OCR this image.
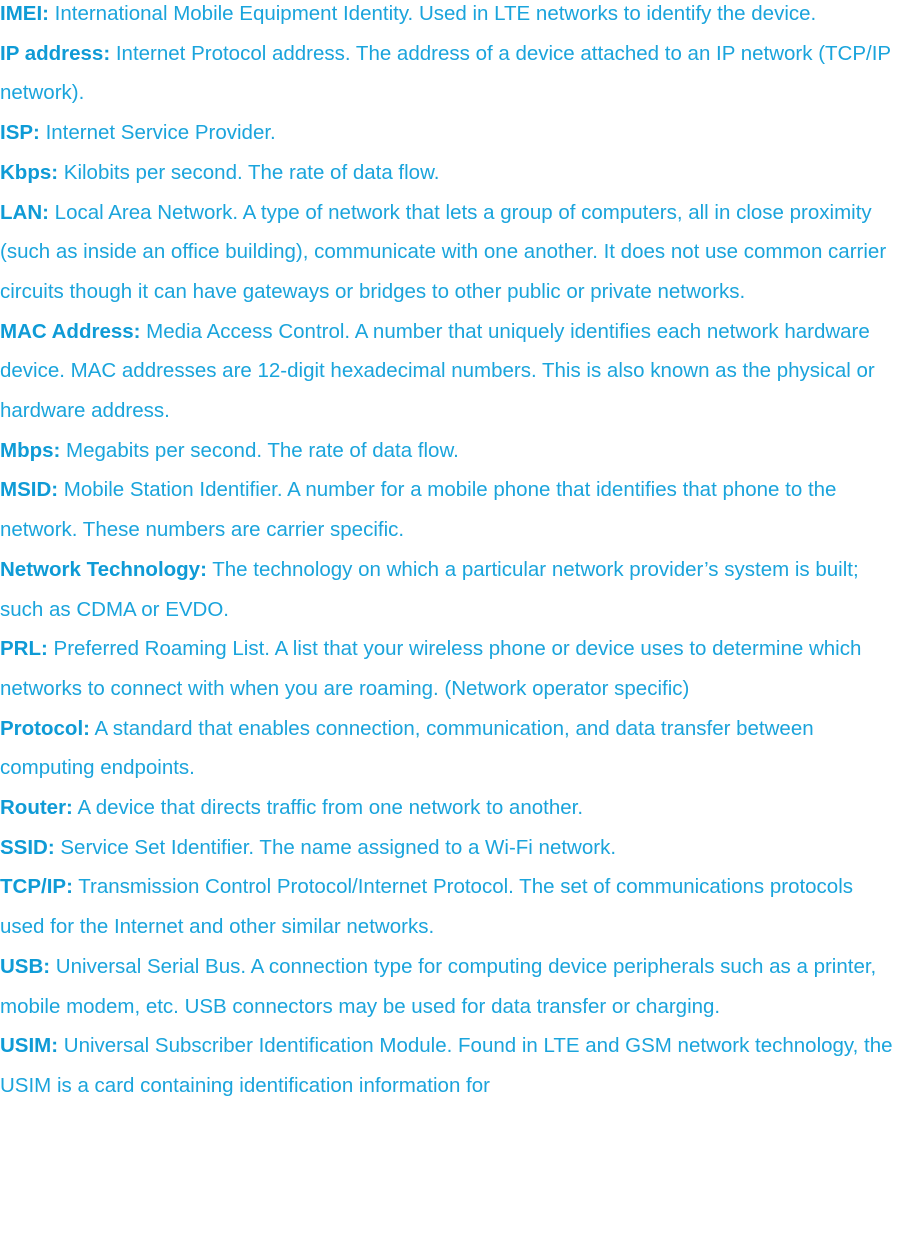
IMEI: International Mobile Equipment Identity. Used in LTE networks to identify the device.

IP address: Internet Protocol address. The address of a device attached to an IP network (TCP/IP network).

ISP: Internet Service Provider.

Kbps: Kilobits per second. The rate of data flow.

LAN: Local Area Network. A type of network that lets a group of computers, all in close proximity (such as inside an office building), communicate with one another. It does not use common carrier circuits though it can have gateways or bridges to other public or private networks.

MAC Address: Media Access Control. A number that uniquely identifies each network hardware device. MAC addresses are 12-digit hexadecimal numbers. This is also known as the physical or hardware address.

Mbps: Megabits per second. The rate of data flow.

MSID: Mobile Station Identifier. A number for a mobile phone that identifies that phone to the network. These numbers are carrier specific.

Network Technology: The technology on which a particular network provider’s system is built; such as CDMA or EVDO.

PRL: Preferred Roaming List. A list that your wireless phone or device uses to determine which networks to connect with when you are roaming. (Network operator specific)

Protocol: A standard that enables connection, communication, and data transfer between computing endpoints.

Router: A device that directs traffic from one network to another.

SSID: Service Set Identifier. The name assigned to a Wi-Fi network.

TCP/IP: Transmission Control Protocol/Internet Protocol. The set of communications protocols used for the Internet and other similar networks.

USB: Universal Serial Bus. A connection type for computing device peripherals such as a printer, mobile modem, etc. USB connectors may be used for data transfer or charging.

USIM: Universal Subscriber Identification Module. Found in LTE and GSM network technology, the USIM is a card containing identification information for
